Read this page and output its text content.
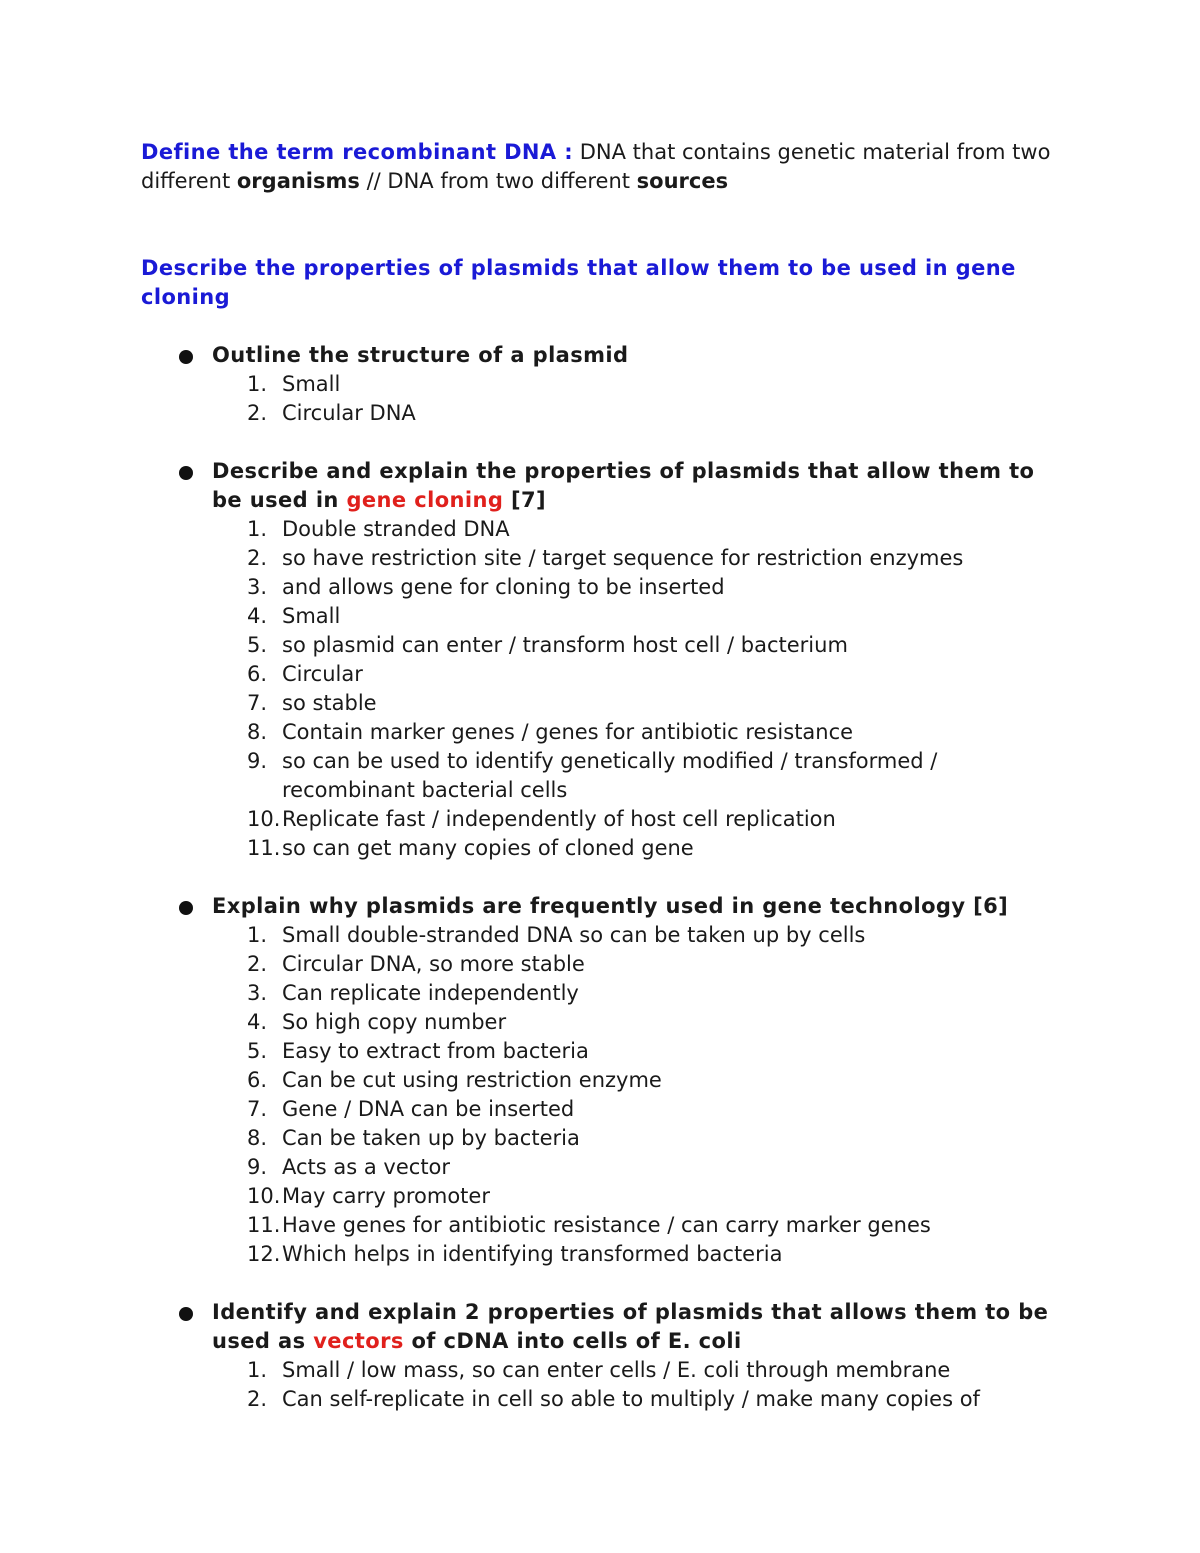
Define the term recombinant DNA : DNA that contains genetic material from two different organisms // DNA from two different sources

Describe the properties of plasmids that allow them to be used in gene cloning

Outline the structure of a plasmid

1. Small
2. Circular DNA

Describe and explain the properties of plasmids that allow them to be used in gene cloning [7]

1. Double stranded DNA
2. so have restriction site / target sequence for restriction enzymes
3. and allows gene for cloning to be inserted
4. Small
5. so plasmid can enter / transform host cell / bacterium
6. Circular
7. so stable
8. Contain marker genes / genes for antibiotic resistance
9. so can be used to identify genetically modified / transformed / recombinant bacterial cells
10. Replicate fast / independently of host cell replication
11. so can get many copies of cloned gene

Explain why plasmids are frequently used in gene technology [6]

1. Small double-stranded DNA so can be taken up by cells
2. Circular DNA, so more stable
3. Can replicate independently
4. So high copy number
5. Easy to extract from bacteria
6. Can be cut using restriction enzyme
7. Gene / DNA can be inserted
8. Can be taken up by bacteria
9. Acts as a vector
10. May carry promoter
11. Have genes for antibiotic resistance / can carry marker genes
12. Which helps in identifying transformed bacteria

Identify and explain 2 properties of plasmids that allows them to be used as vectors of cDNA into cells of E. coli

1. Small / low mass, so can enter cells / E. coli through membrane
2. Can self-replicate in cell so able to multiply / make many copies of
